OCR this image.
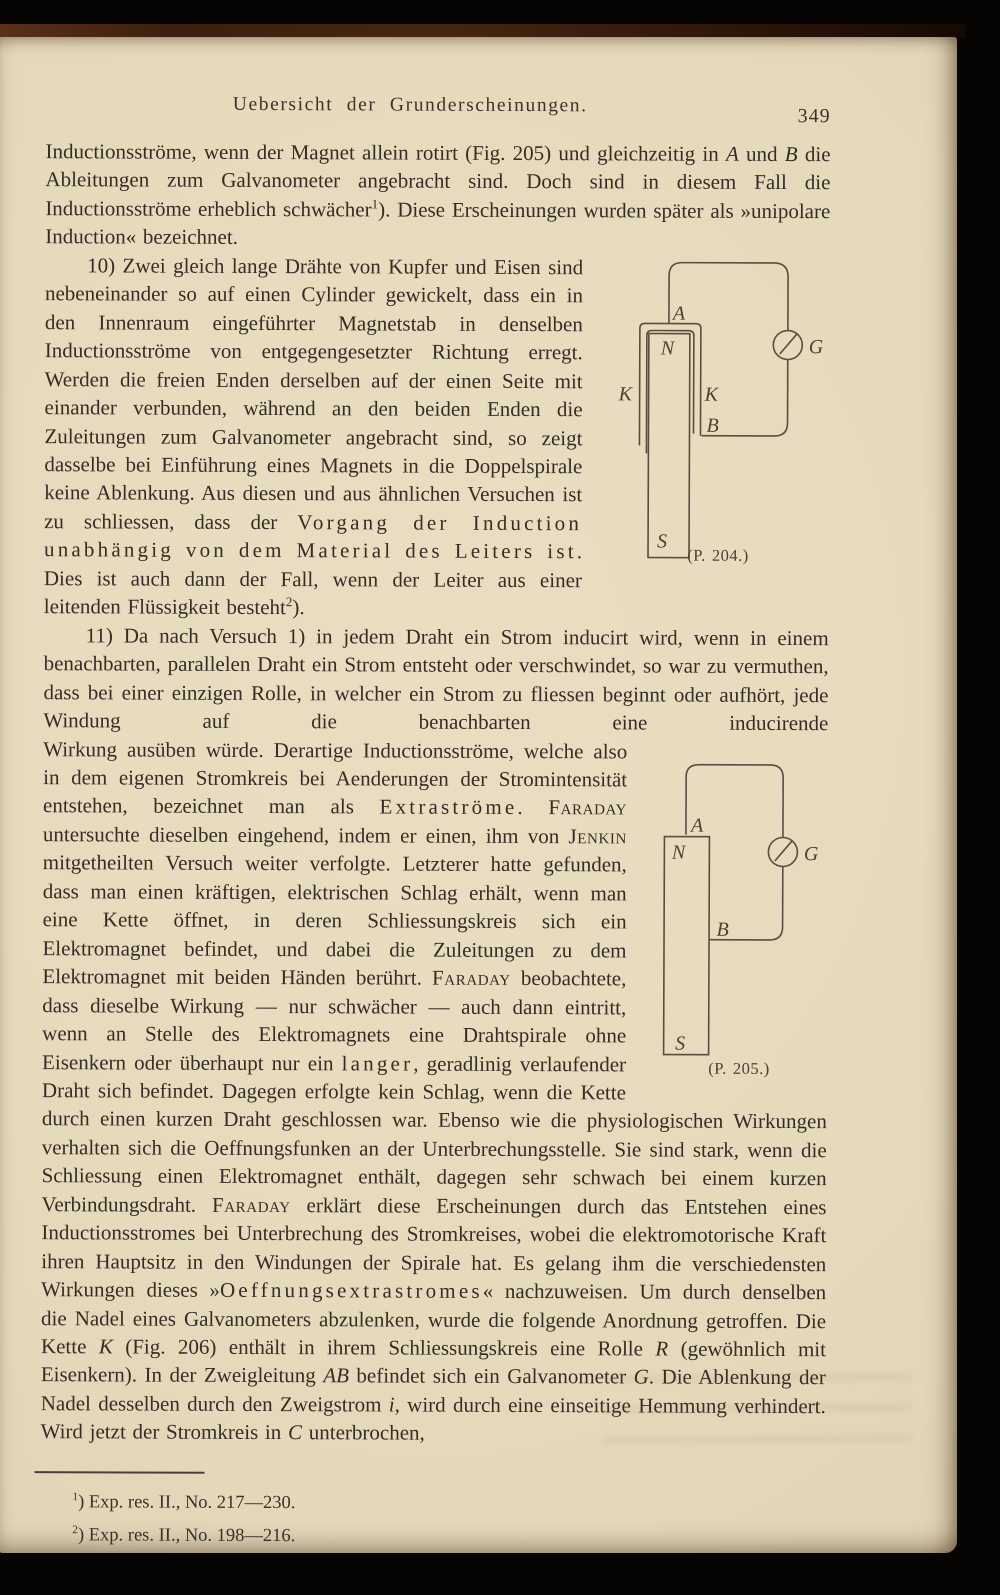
Uebersicht der Grunderscheinungen.	349

Inductionsströme, wenn der Magnet allein rotirt (Fig. 205) und gleichzeitig in A und B die Ableitungen zum Galvanometer angebracht sind. Doch sind in diesem Fall die Inductionsströme erheblich schwächer$^1$). Diese Erscheinungen wurden später als »unipolare Induction« bezeichnet.

A
N
K	K
B
S
G
(P. 204.)
10) Zwei gleich lange Drähte von Kupfer und Eisen sind nebeneinander so auf einen Cylinder gewickelt, dass ein in den Innenraum eingeführter Magnetstab in denselben Inductionsströme von entgegengesetzter Richtung erregt. Werden die freien Enden derselben auf der einen Seite mit einander verbunden, während an den beiden Enden die Zuleitungen zum Galvanometer angebracht sind, so zeigt dasselbe bei Einführung eines Magnets in die Doppelspirale keine Ablenkung. Aus diesen und aus ähnlichen Versuchen ist zu schliessen, dass der Vorgang der Induction unabhängig von dem Material des Leiters ist. Dies ist auch dann der Fall, wenn der Leiter aus einer leitenden Flüssigkeit besteht$^2$).

11) Da nach Versuch 1) in jedem Draht ein Strom inducirt wird, wenn in einem benachbarten, parallelen Draht ein Strom entsteht oder verschwindet, so war zu vermuthen, dass bei einer einzigen Rolle, in welcher ein Strom zu fliessen beginnt oder aufhört, jede Windung auf die benachbarten eine inducirende

A
N
B
S
G
(P. 205.)
Wirkung ausüben würde. Derartige Inductionsströme, welche also in dem eigenen Stromkreis bei Aenderungen der Stromintensität entstehen, bezeichnet man als Extraströme. Faraday untersuchte dieselben eingehend, indem er einen, ihm von Jenkin mitgetheilten Versuch weiter verfolgte. Letzterer hatte gefunden, dass man einen kräftigen, elektrischen Schlag erhält, wenn man eine Kette öffnet, in deren Schliessungskreis sich ein Elektromagnet befindet, und dabei die Zuleitungen zu dem Elektromagnet mit beiden Händen berührt. Faraday beobachtete, dass dieselbe Wirkung — nur schwächer — auch dann eintritt, wenn an Stelle des Elektromagnets eine Drahtspirale ohne Eisenkern oder überhaupt nur ein langer, geradlinig verlaufender Draht sich befindet. Dagegen erfolgte kein Schlag, wenn die Kette durch einen kurzen Draht geschlossen war. Ebenso wie die physiologischen Wirkungen verhalten sich die Oeffnungsfunken an der Unterbrechungsstelle. Sie sind stark, wenn die Schliessung einen Elektromagnet enthält, dagegen sehr schwach bei einem kurzen Verbindungsdraht. Faraday erklärt diese Erscheinungen durch das Entstehen eines Inductionsstromes bei Unterbrechung des Stromkreises, wobei die elektromotorische Kraft ihren Hauptsitz in den Windungen der Spirale hat. Es gelang ihm die verschiedensten Wirkungen dieses »Oeffnungsextrastromes« nachzuweisen. Um durch denselben die Nadel eines Galvanometers abzulenken, wurde die folgende Anordnung getroffen. Die Kette K (Fig. 206) enthält in ihrem Schliessungskreis eine Rolle R (gewöhnlich mit Eisenkern). In der Zweigleitung AB befindet sich ein Galvanometer G. Die Ablenkung der Nadel desselben durch den Zweigstrom i, wird durch eine einseitige Hemmung verhindert. Wird jetzt der Stromkreis in C unterbrochen,

$^1$) Exp. res. II., No. 217—230.

$^2$) Exp. res. II., No. 198—216.
